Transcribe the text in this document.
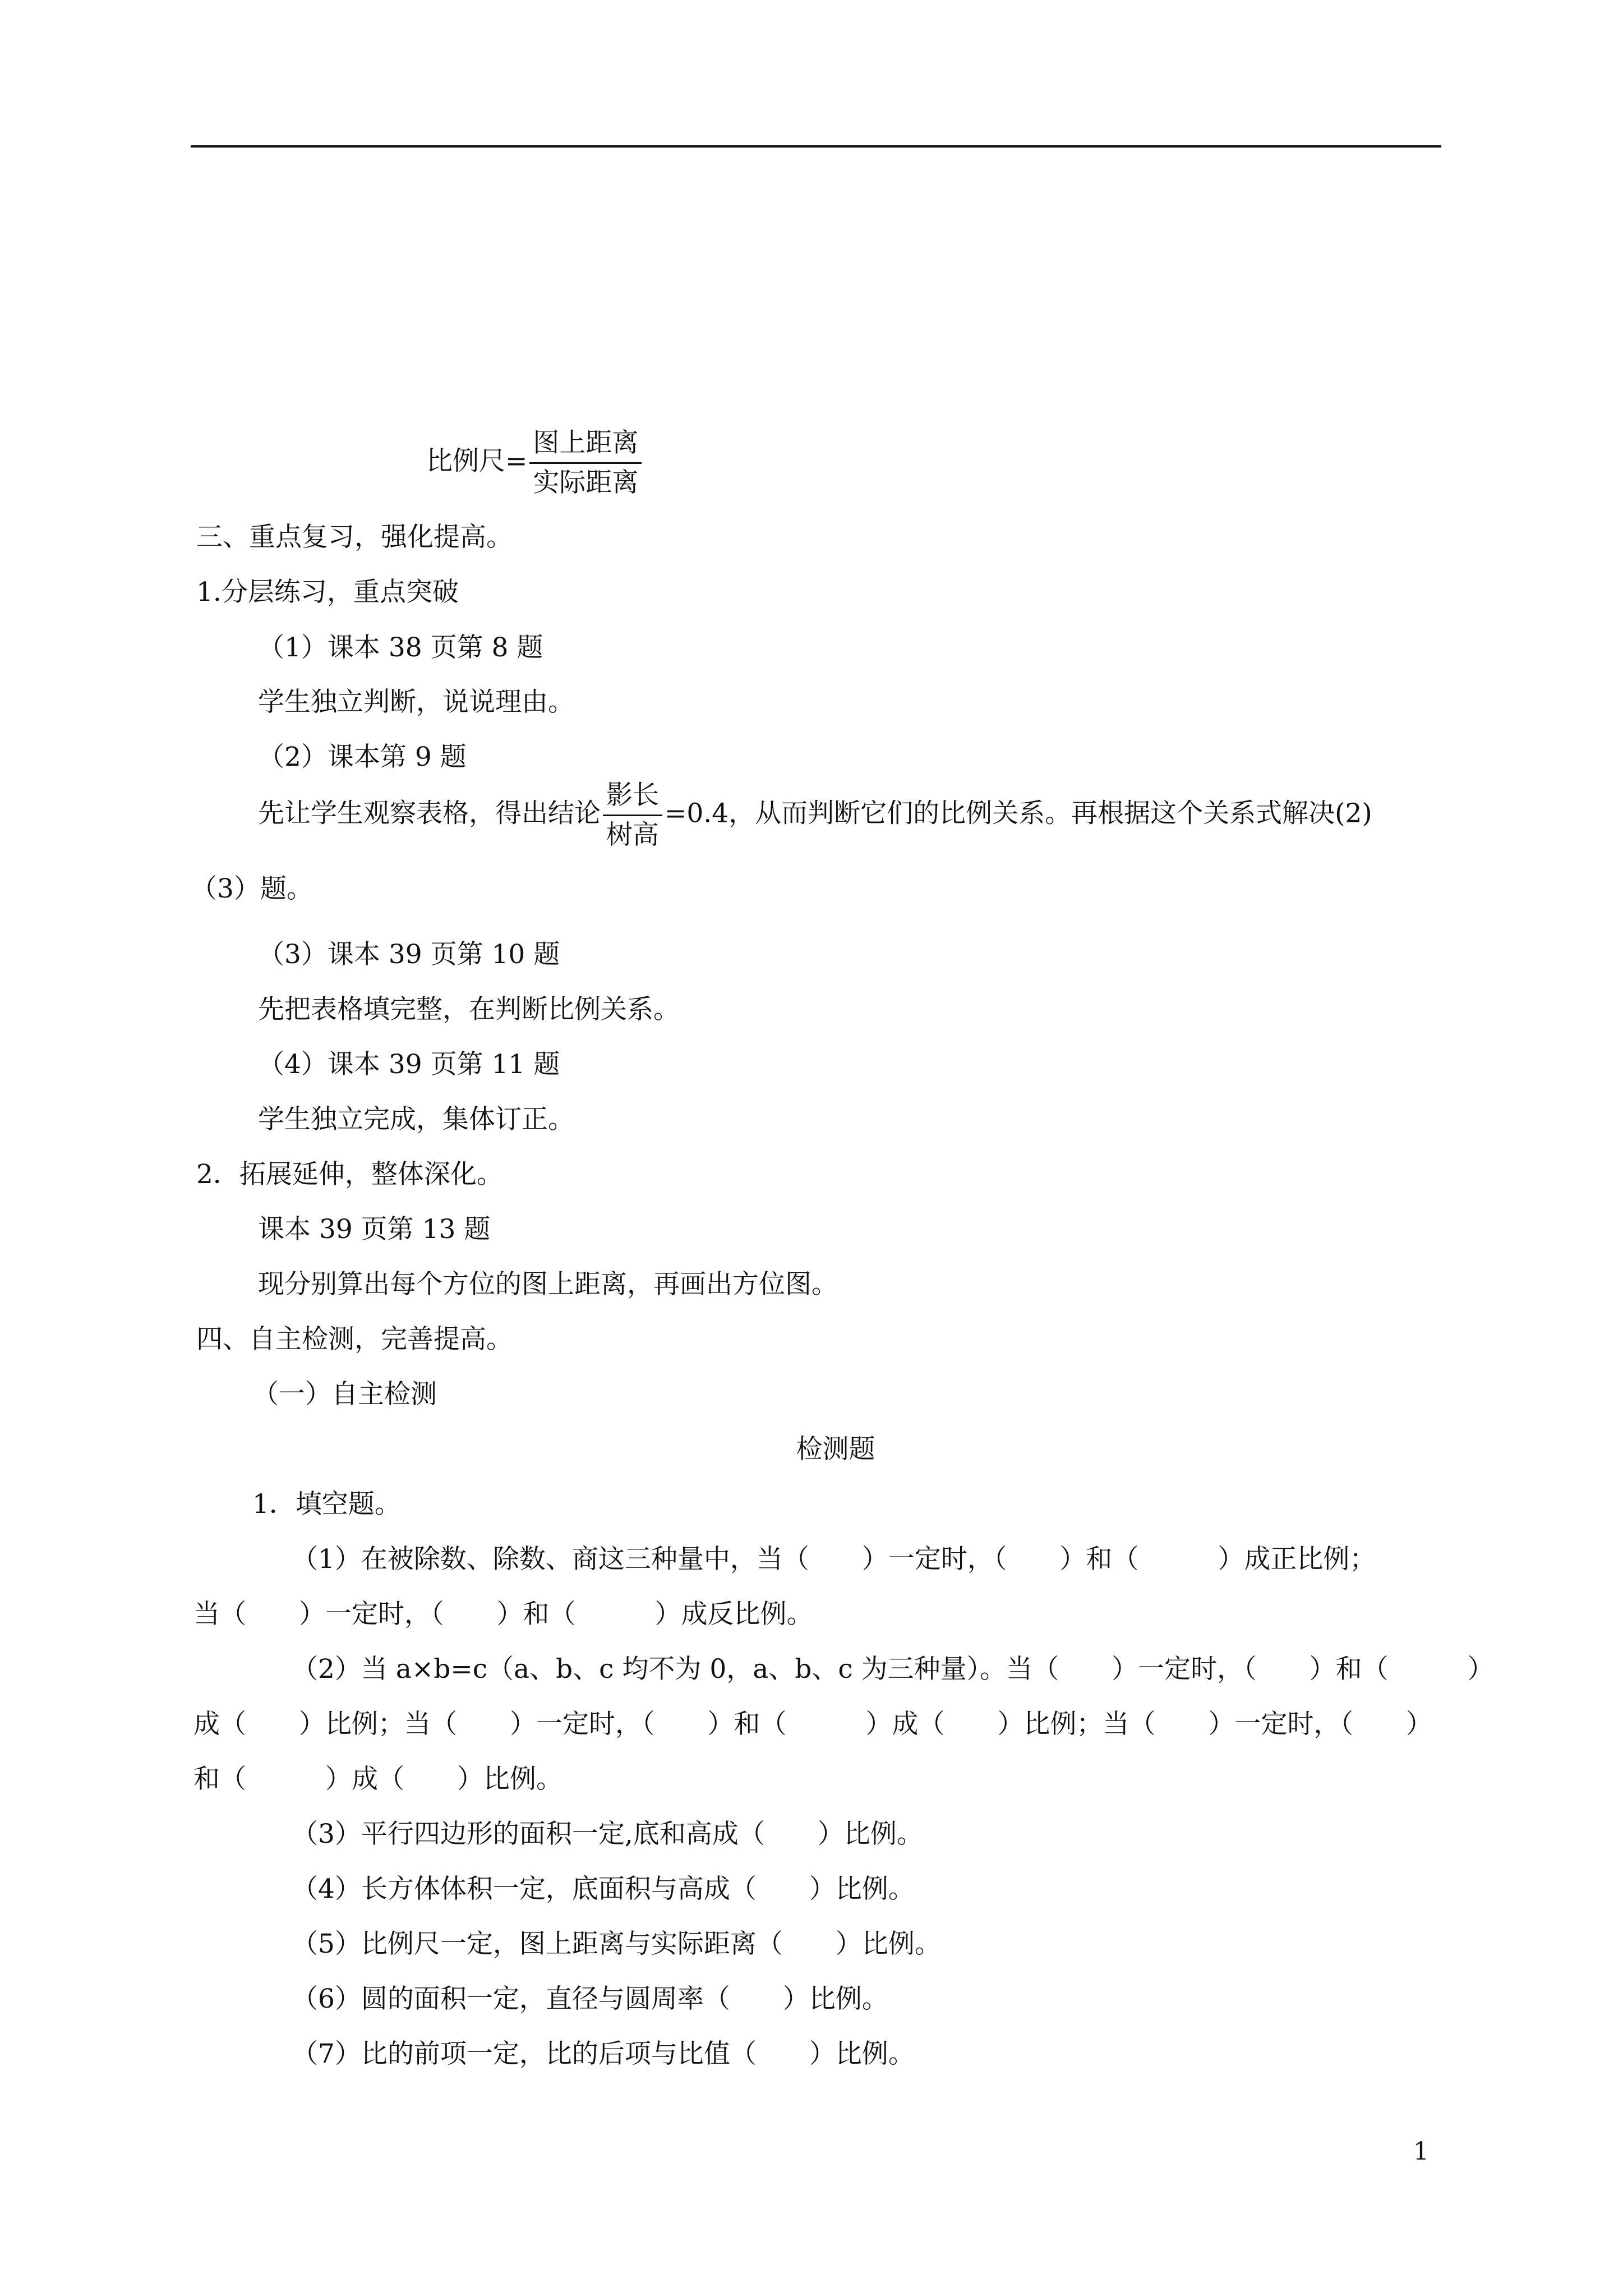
比例尺= $\frac{\text{图上距离}}{\text{实际距离}}$
三、重点复习，强化提高。
1.分层练习，重点突破
（1）课本 38 页第 8 题
学生独立判断，说说理由。
（2）课本第 9 题
先让学生观察表格，得出结论 $\frac{\text{影长}}{\text{树高}} =0.4$，从而判断它们的比例关系。再根据这个关系式解决(2)
（3）题。
（3）课本 39 页第 10 题
先把表格填完整，在判断比例关系。
（4）课本 39 页第 11 题
学生独立完成，集体订正。
2．拓展延伸，整体深化。
课本 39 页第 13 题
现分别算出每个方位的图上距离，再画出方位图。
四、自主检测，完善提高。
（一）自主检测
检测题
1．填空题。
（1）在被除数、除数、商这三种量中，当（　　）一定时，（　　）和（　　　）成正比例；
当（　　）一定时，（　　）和（　　　）成反比例。
（2）当 a×b=c（a、b、c 均不为 0，a、b、c 为三种量）。当（　　）一定时，（　　）和（　　　）
成（　　）比例；当（　　）一定时，（　　）和（　　　）成（　　）比例；当（　　）一定时，（　　）
和（　　　）成（　　）比例。
（3）平行四边形的面积一定,底和高成（　　）比例。
（4）长方体体积一定，底面积与高成（　　）比例。
（5）比例尺一定，图上距离与实际距离（　　）比例。
（6）圆的面积一定，直径与圆周率（　　）比例。
（7）比的前项一定，比的后项与比值（　　）比例。
1
